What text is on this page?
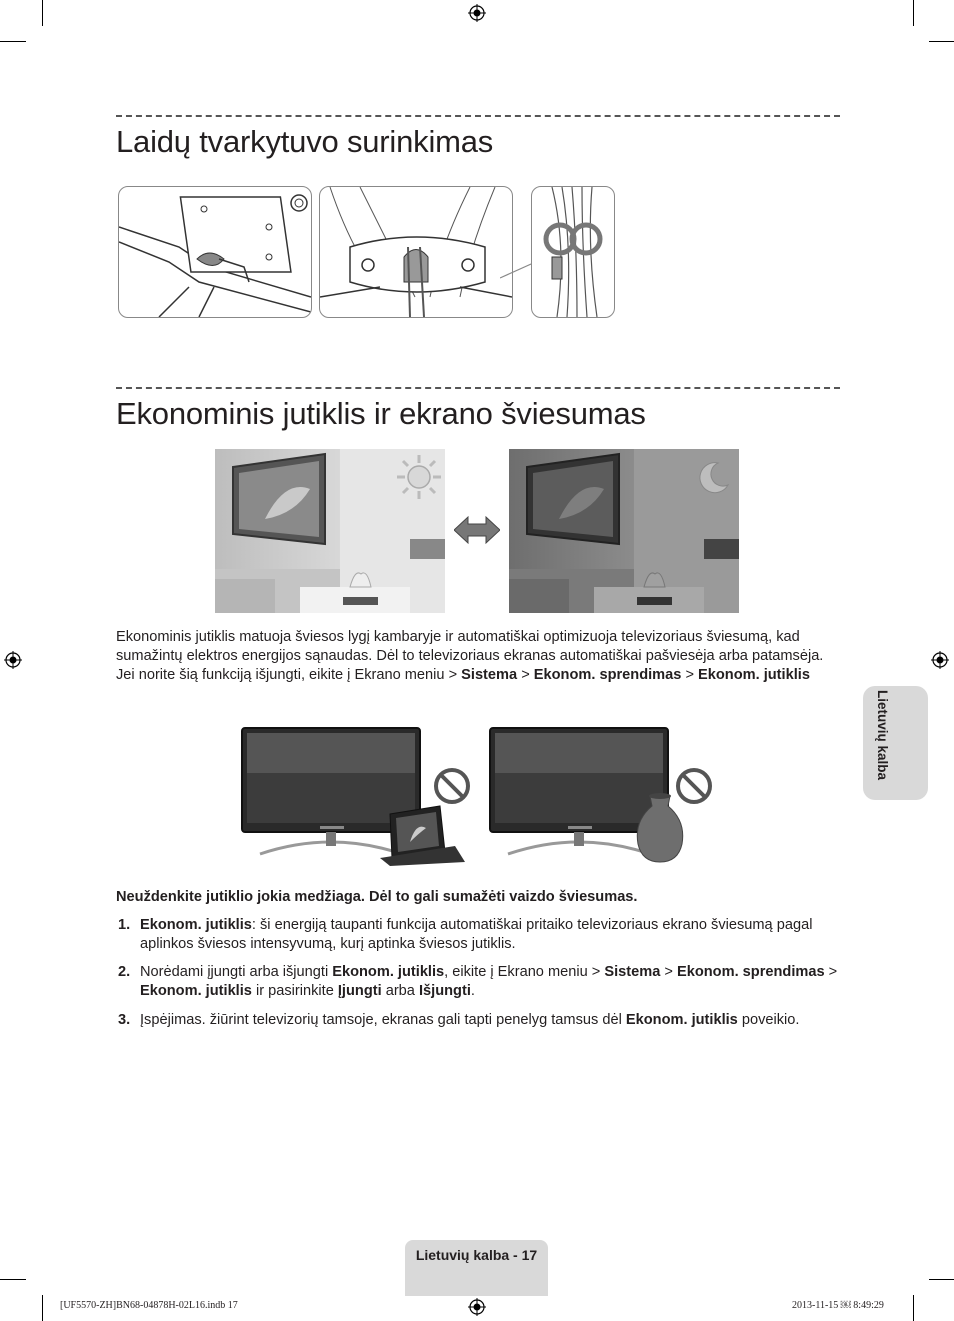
Laidų tvarkytuvo surinkimas
Ekonominis jutiklis ir ekrano šviesumas
Ekonominis jutiklis matuoja šviesos lygį kambaryje ir automatiškai optimizuoja televizoriaus šviesumą, kad sumažintų elektros energijos sąnaudas. Dėl to televizoriaus ekranas automatiškai pašviesėja arba patamsėja. Jei norite šią funkciją išjungti, eikite į Ekrano meniu > Sistema > Ekonom. sprendimas > Ekonom. jutiklis
Neuždenkite jutiklio jokia medžiaga. Dėl to gali sumažėti vaizdo šviesumas.
1. Ekonom. jutiklis: ši energiją taupanti funkcija automatiškai pritaiko televizoriaus ekrano šviesumą pagal aplinkos šviesos intensyvumą, kurį aptinka šviesos jutiklis.
2. Norėdami įjungti arba išjungti Ekonom. jutiklis, eikite į Ekrano meniu > Sistema > Ekonom. sprendimas > Ekonom. jutiklis ir pasirinkite Įjungti arba Išjungti.
3. Įspėjimas. žiūrint televizorių tamsoje, ekranas gali tapti penelyg tamsus dėl Ekonom. jutiklis poveikio.
Lietuvių kalba
Lietuvių kalba - 17
[UF5570-ZH]BN68-04878H-02L16.indb 17	2013-11-15 ￼ 8:49:29
